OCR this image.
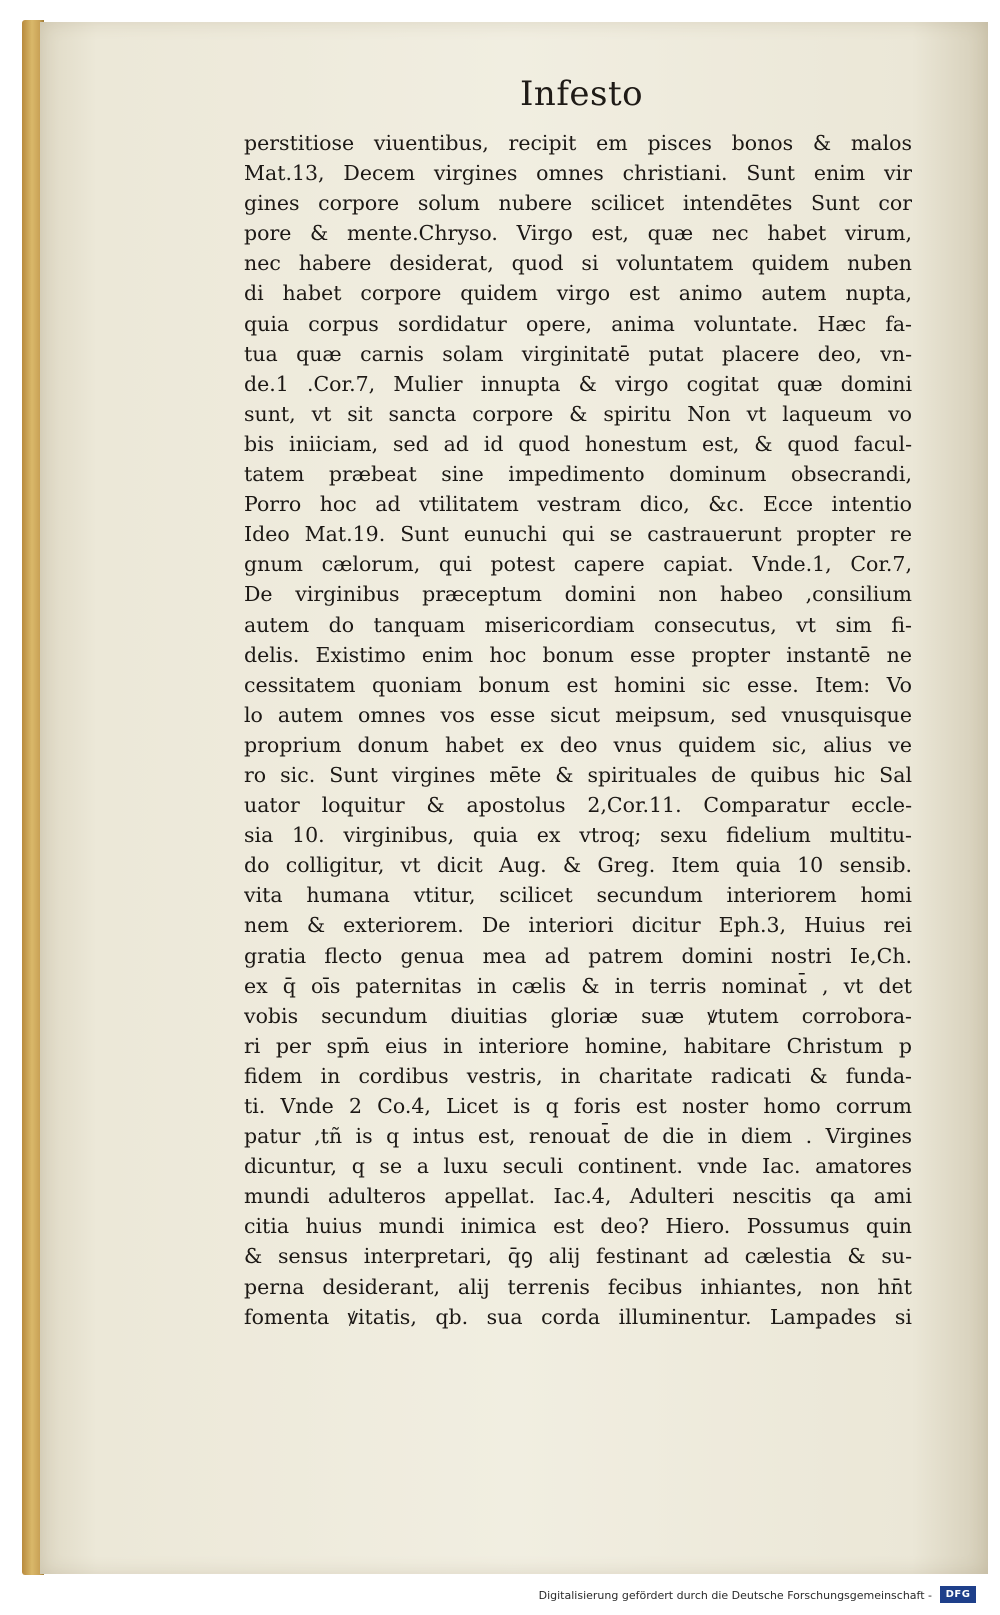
Infesto
perstitiose viuentibus, recipit em pisces bonos & malos
Mat.13, Decem virgines omnes christiani. Sunt enim vir
gines corpore solum nubere scilicet intendētes Sunt cor
pore & mente.Chryso. Virgo est, quæ nec habet virum,
nec habere desiderat, quod si voluntatem quidem nuben
di habet corpore quidem virgo est animo autem nupta,
quia corpus sordidatur opere, anima voluntate. Hæc fa-
tua quæ carnis solam virginitatē putat placere deo, vn-
de.1 .Cor.7, Mulier innupta & virgo cogitat quæ domini
sunt, vt sit sancta corpore & spiritu Non vt laqueum vo
bis iniiciam, sed ad id quod honestum est, & quod facul-
tatem præbeat sine impedimento dominum obsecrandi,
Porro hoc ad vtilitatem vestram dico, &c. Ecce intentio
Ideo Mat.19. Sunt eunuchi qui se castrauerunt propter re
gnum cælorum, qui potest capere capiat. Vnde.1, Cor.7,
De virginibus præceptum domini non habeo ,consilium
autem do tanquam misericordiam consecutus, vt sim fi-
delis. Existimo enim hoc bonum esse propter instantē ne
cessitatem quoniam bonum est homini sic esse. Item: Vo
lo autem omnes vos esse sicut meipsum, sed vnusquisque
proprium donum habet ex deo vnus quidem sic, alius ve
ro sic. Sunt virgines mēte & spirituales de quibus hic Sal
uator loquitur & apostolus 2,Cor.11. Comparatur eccle-
sia 10. virginibus, quia ex vtroq; sexu fidelium multitu-
do colligitur, vt dicit Aug. & Greg. Item quia 10 sensib.
vita humana vtitur, scilicet secundum interiorem homi
nem & exteriorem. De interiori dicitur Eph.3, Huius rei
gratia flecto genua mea ad patrem domini nostri Ie,Ch.
ex q̄ oīs paternitas in cælis & in terris nominat̄ , vt det
vobis secundum diuitias gloriæ suæ ꝟtutem corrobora-
ri per spm̄ eius in interiore homine, habitare Christum p
fidem in cordibus vestris, in charitate radicati & funda-
ti. Vnde 2 Co.4, Licet is q foris est noster homo corrum
patur ,tñ is q intus est, renouat̄ de die in diem . Virgines
dicuntur, q se a luxu seculi continent. vnde Iac. amatores
mundi adulteros appellat. Iac.4, Adulteri nescitis qa ami
citia huius mundi inimica est deo? Hiero. Possumus quin
& sensus interpretari, q̄ꝯ alij festinant ad cælestia & su-
perna desiderant, alij terrenis fecibus inhiantes, non hn̄t
fomenta ꝟitatis, qb. sua corda illuminentur. Lampades si
Digitalisierung gefördert durch die Deutsche Forschungsgemeinschaft -	DFG
